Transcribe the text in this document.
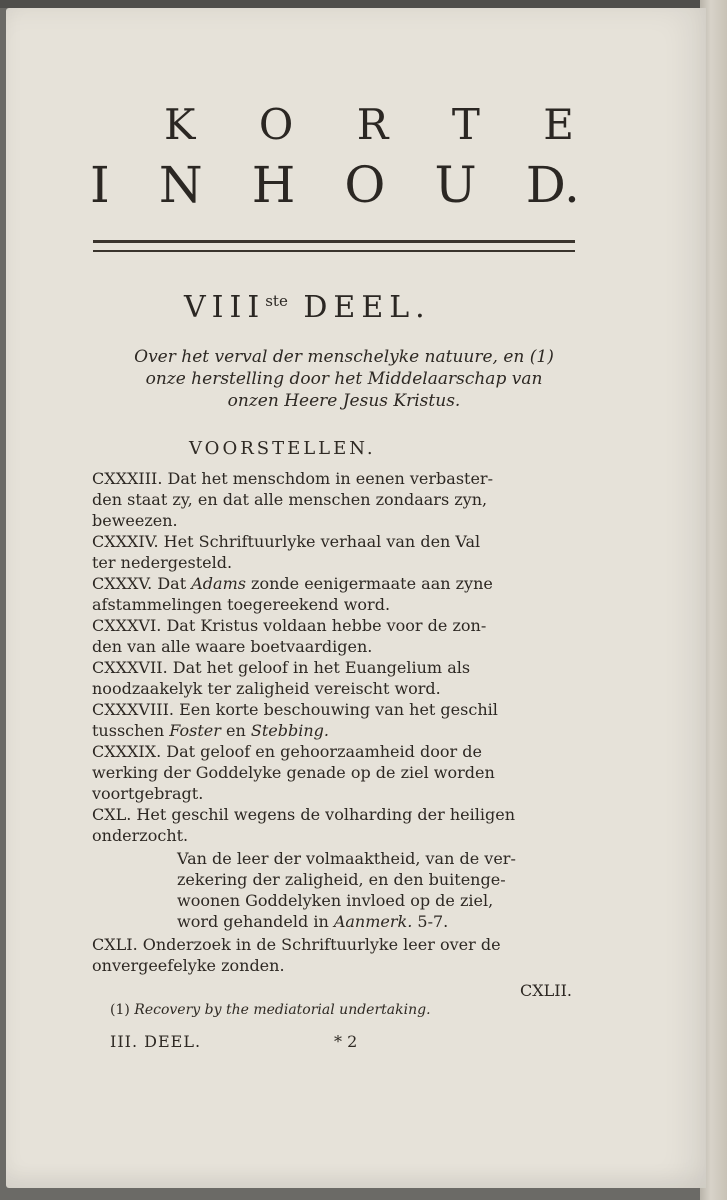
K O R T E
I N H O U D.
VIIIste DEEL.
Over het verval der menschelyke natuure, en (1)
onze herstelling door het Middelaarschap van
onzen Heere Jesus Kristus.
VOORSTELLEN.
CXXXIII. Dat het menschdom in eenen verbaster-
den staat zy, en dat alle menschen zondaars zyn,
beweezen.
CXXXIV. Het Schriftuurlyke verhaal van den Val
ter nedergesteld.
CXXXV. Dat Adams zonde eenigermaate aan zyne
afstammelingen toegereekend word.
CXXXVI. Dat Kristus voldaan hebbe voor de zon-
den van alle waare boetvaardigen.
CXXXVII. Dat het geloof in het Euangelium als
noodzaakelyk ter zaligheid vereischt word.
CXXXVIII. Een korte beschouwing van het geschil
tusschen Foster en Stebbing.
CXXXIX. Dat geloof en gehoorzaamheid door de
werking der Goddelyke genade op de ziel worden
voortgebragt.
CXL. Het geschil wegens de volharding der heiligen
onderzocht.
Van de leer der volmaaktheid, van de ver-
zekering der zaligheid, en den buitenge-
woonen Goddelyken invloed op de ziel,
word gehandeld in Aanmerk. 5-7.
CXLI. Onderzoek in de Schriftuurlyke leer over de
onvergeefelyke zonden.
CXLII.
(1) Recovery by the mediatorial undertaking.
III. DEEL.	* 2
